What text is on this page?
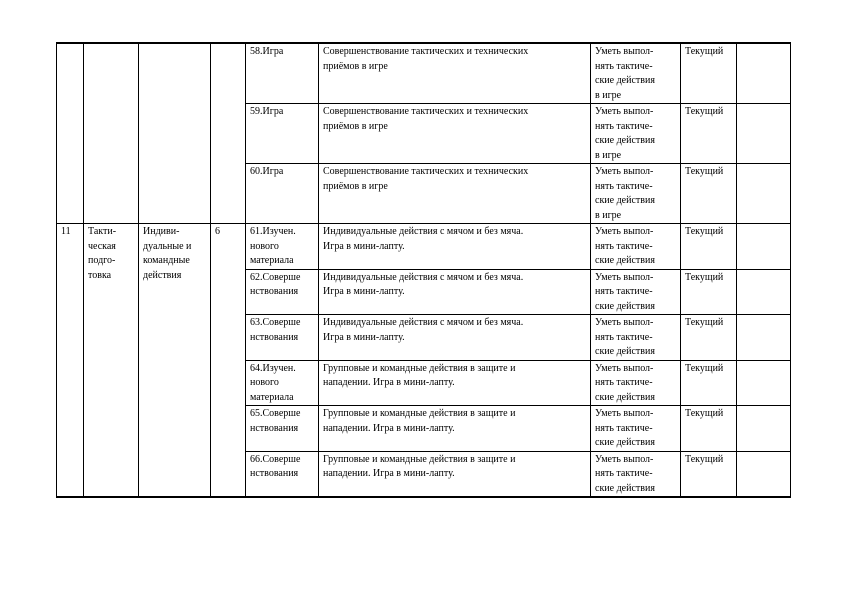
				58.Игра	Совершенствование тактических и технических
приёмов в игре	Уметь выпол-
нять тактиче-
ские действия
в игре	Текущий	
				59.Игра	Совершенствование тактических и технических
приёмов в игре	Уметь выпол-
нять тактиче-
ские действия
в игре	Текущий	
				60.Игра	Совершенствование тактических и технических
приёмов в игре	Уметь выпол-
нять тактиче-
ские действия
в игре	Текущий	
11	Такти-
ческая
подго-
товка	Индиви-
дуальные и
командные
действия	6	61.Изучен.
нового
материала	Индивидуальные действия с мячом и без мяча.
Игра в мини-лапту.	Уметь выпол-
нять тактиче-
ские действия	Текущий	
				62.Соверше
нствования	Индивидуальные действия с мячом и без мяча.
Игра в мини-лапту.	Уметь выпол-
нять тактиче-
ские действия	Текущий	
				63.Соверше
нствования	Индивидуальные действия с мячом и без мяча.
Игра в мини-лапту.	Уметь выпол-
нять тактиче-
ские действия	Текущий	
				64.Изучен.
нового
материала	Групповые и командные действия в защите и
нападении. Игра в мини-лапту.	Уметь выпол-
нять тактиче-
ские действия	Текущий	
				65.Соверше
нствования	Групповые и командные действия в защите и
нападении. Игра в мини-лапту.	Уметь выпол-
нять тактиче-
ские действия	Текущий	
				66.Соверше
нствования	Групповые и командные действия в защите и
нападении. Игра в мини-лапту.	Уметь выпол-
нять тактиче-
ские действия	Текущий	
